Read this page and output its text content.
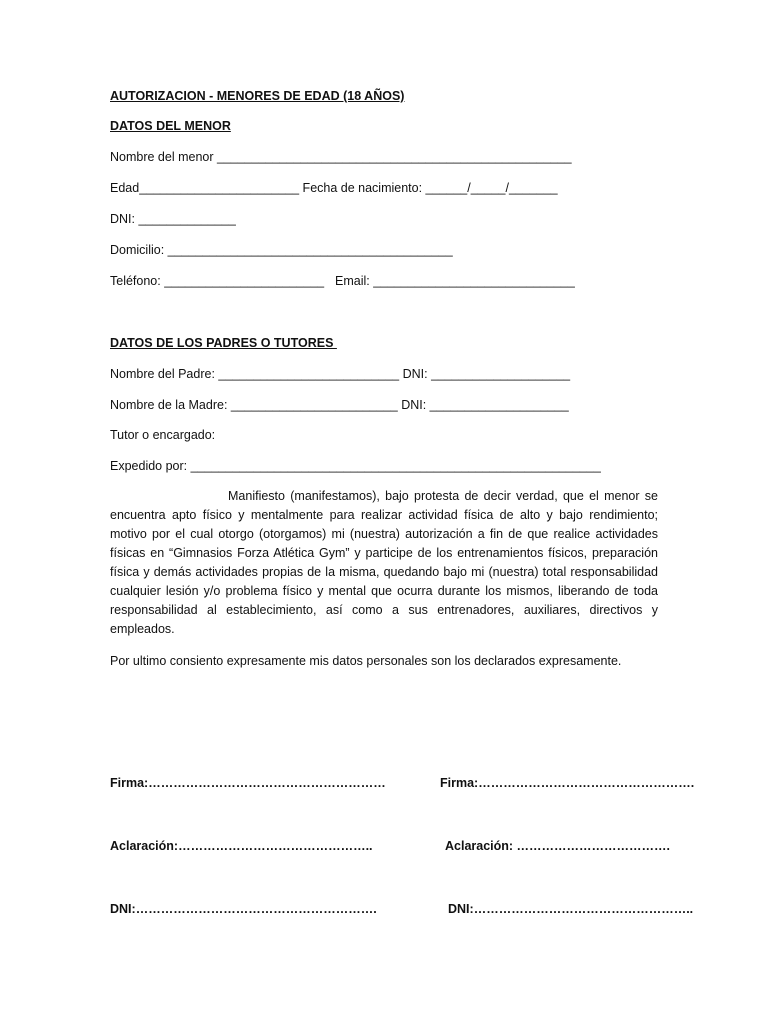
AUTORIZACION - MENORES DE EDAD (18 AÑOS)

DATOS DEL MENOR

Nombre del menor ___________________________________________________

Edad_______________________ Fecha de nacimiento: ______/_____/_______

DNI: ______________

Domicilio: _________________________________________

Teléfono: _______________________ Email: _____________________________

DATOS DE LOS PADRES O TUTORES

Nombre del Padre: __________________________ DNI: ____________________

Nombre de la Madre: ________________________ DNI: ____________________

Tutor o encargado:

Expedido por: ___________________________________________________________

Manifiesto (manifestamos), bajo protesta de decir verdad, que el menor se encuentra apto físico y mentalmente para realizar actividad física de alto y bajo rendimiento; motivo por el cual otorgo (otorgamos) mi (nuestra) autorización a fin de que realice actividades físicas en “Gimnasios Forza Atlética Gym” y participe de los entrenamientos físicos, preparación física y demás actividades propias de la misma, quedando bajo mi (nuestra) total responsabilidad cualquier lesión y/o problema físico y mental que ocurra durante los mismos, liberando de toda responsabilidad al establecimiento, así como a sus entrenadores, auxiliares, directivos y empleados.

Por ultimo consiento expresamente mis datos personales son los declarados expresamente.

Firma:…………………………………………………	Firma:…………………………………………….

Aclaración:………………………………………..	Aclaración: ……………………………….

DNI:………………………………………………….	DNI:……………………………………………..
